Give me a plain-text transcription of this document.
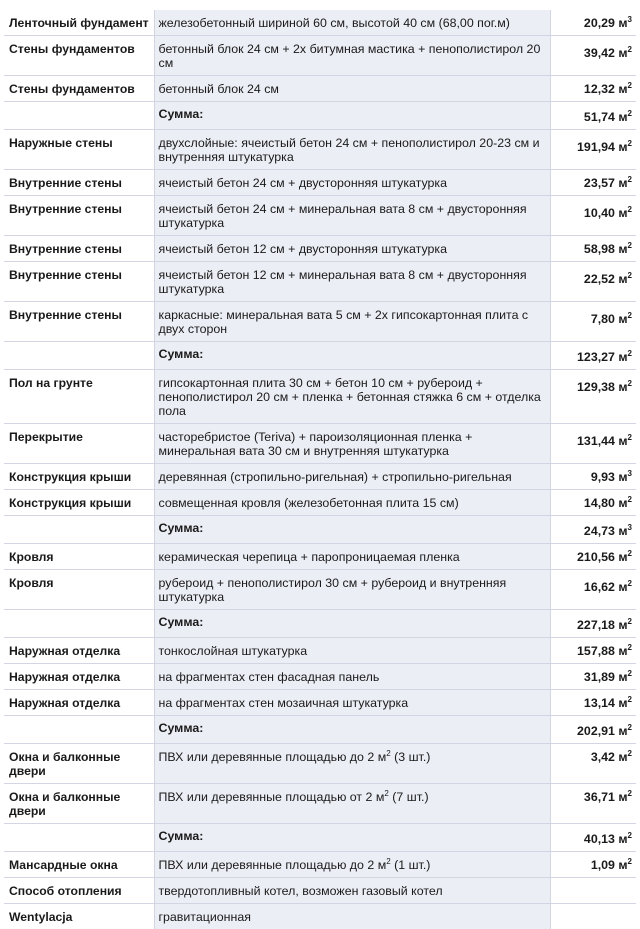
Ленточный фундамент	железобетонный шириной 60 см, высотой 40 см (68,00 пог.м)	20,29 $м^3$
Стены фундаментов	бетонный блок 24 см + 2x битумная мастика + пенополистирол 20 см	39,42 $м^2$
Стены фундаментов	бетонный блок 24 см	12,32 $м^2$
	Сумма:	51,74 $м^2$
Наружные стены	двухслойные: ячеистый бетон 24 см + пенополистирол 20-23 см и внутренняя штукатурка	191,94 $м^2$
Внутренние стены	ячеистый бетон 24 см + двусторонняя штукатурка	23,57 $м^2$
Внутренние стены	ячеистый бетон 24 см + минеральная вата 8 см + двусторонняя штукатурка	10,40 $м^2$
Внутренние стены	ячеистый бетон 12 см + двусторонняя штукатурка	58,98 $м^2$
Внутренние стены	ячеистый бетон 12 см + минеральная вата 8 см + двусторонняя штукатурка	22,52 $м^2$
Внутренние стены	каркасные: минеральная вата 5 см + 2x гипсокартонная плита с двух сторон	7,80 $м^2$
	Сумма:	123,27 $м^2$
Пол на грунте	гипсокартонная плита 30 см + бетон 10 см + рубероид + пенополистирол 20 см + пленка + бетонная стяжка 6 см + отделка пола	129,38 $м^2$
Перекрытие	часторебристое (Teriva) + пароизоляционная пленка + минеральная вата 30 см и внутренняя штукатурка	131,44 $м^2$
Конструкция крыши	деревянная (стропильно-ригельная) + стропильно-ригельная	9,93 $м^3$
Конструкция крыши	совмещенная кровля (железобетонная плита 15 см)	14,80 $м^2$
	Сумма:	24,73 $м^3$
Кровля	керамическая черепица + паропроницаемая пленка	210,56 $м^2$
Кровля	рубероид + пенополистирол 30 см + рубероид и внутренняя штукатурка	16,62 $м^2$
	Сумма:	227,18 $м^2$
Наружная отделка	тонкослойная штукатурка	157,88 $м^2$
Наружная отделка	на фрагментах стен фасадная панель	31,89 $м^2$
Наружная отделка	на фрагментах стен мозаичная штукатурка	13,14 $м^2$
	Сумма:	202,91 $м^2$
Окна и балконные двери	ПВХ или деревянные площадью до 2 $м^2$ (3 шт.)	3,42 $м^2$
Окна и балконные двери	ПВХ или деревянные площадью от 2 $м^2$ (7 шт.)	36,71 $м^2$
	Сумма:	40,13 $м^2$
Мансардные окна	ПВХ или деревянные площадью до 2 $м^2$ (1 шт.)	1,09 $м^2$
Способ отопления	твердотопливный котел, возможен газовый котел	
Wentylacja	гравитационная	
